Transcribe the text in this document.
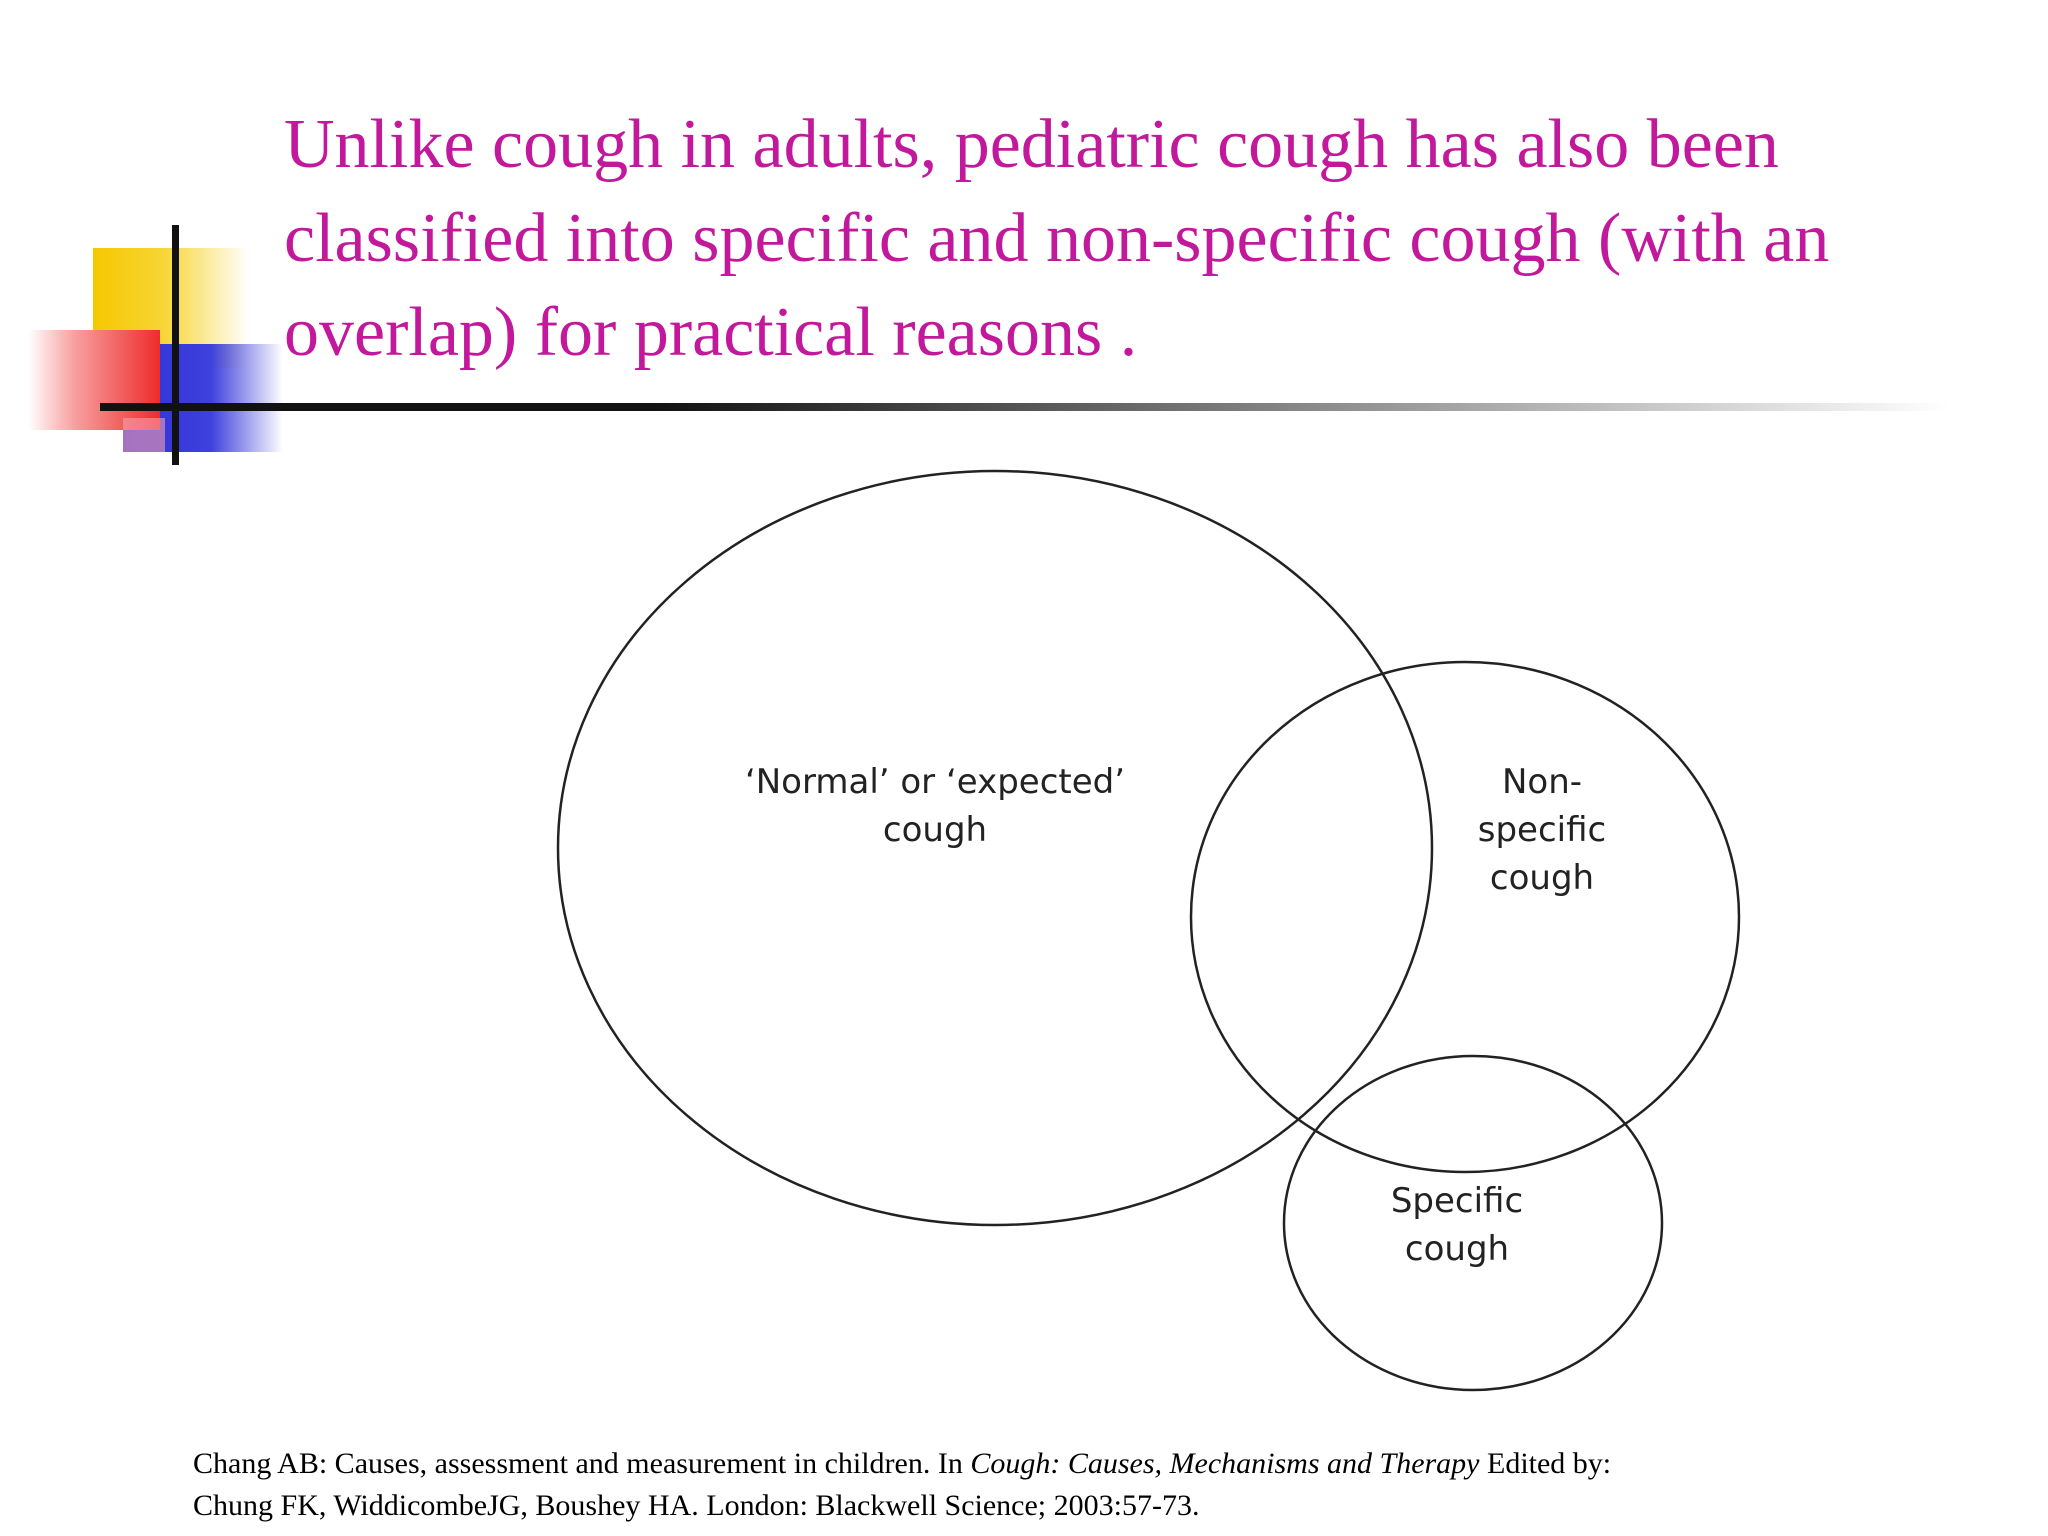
Unlike cough in adults, pediatric cough has also been
classified into specific and non-specific cough (with an
overlap) for practical reasons .
‘Normal’ or ‘expected’
cough
Non-
specific
cough
Specific
cough
Chang AB: Causes, assessment and measurement in children. In Cough: Causes, Mechanisms and Therapy Edited by:
Chung FK, WiddicombeJG, Boushey HA. London: Blackwell Science; 2003:57-73.
